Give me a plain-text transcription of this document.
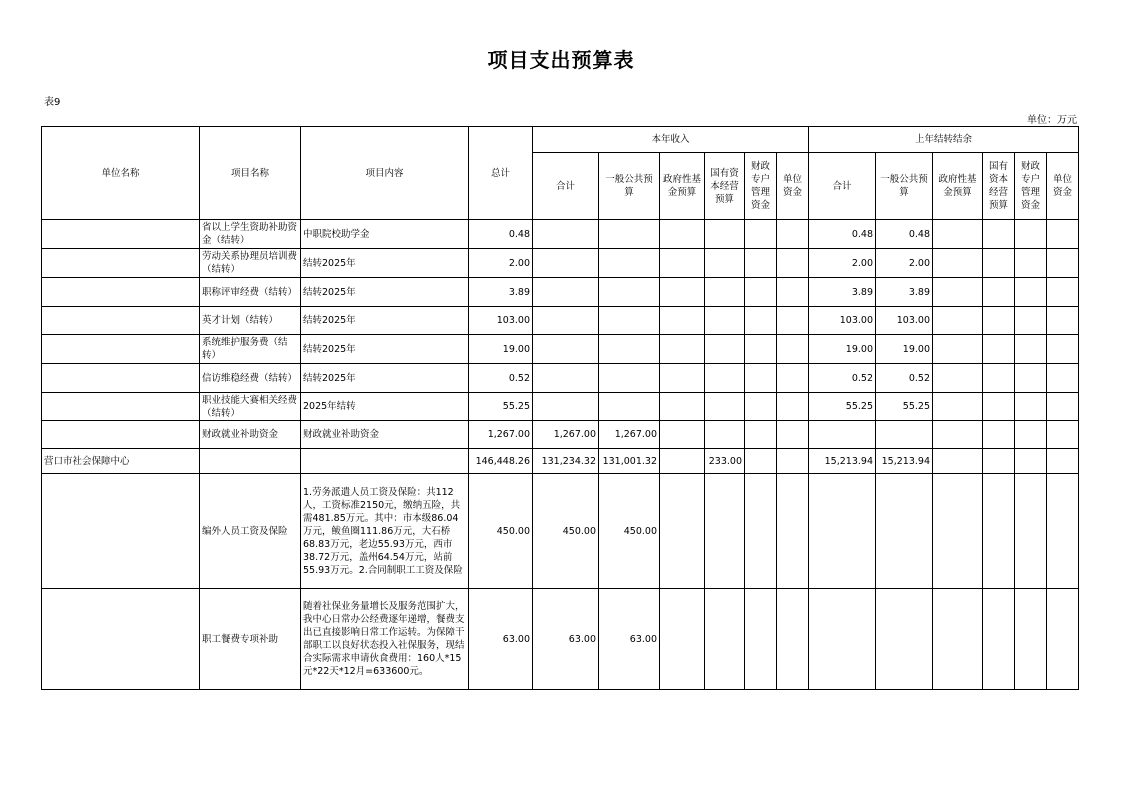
项目支出预算表
表9
单位：万元
单位名称	项目名称	项目内容	总计	本年收入						上年结转结余					
				合计	一般公共预算	政府性基金预算	国有资本经营预算	财政专户管理资金	单位资金	合计	一般公共预算	政府性基金预算	国有资本经营预算	财政专户管理资金	单位资金
	省以上学生资助补助资金（结转）	中职院校助学金	0.48							0.48	0.48				
	劳动关系协理员培训费（结转）	结转2025年	2.00							2.00	2.00				
	职称评审经费（结转）	结转2025年	3.89							3.89	3.89				
	英才计划（结转）	结转2025年	103.00							103.00	103.00				
	系统维护服务费（结转）	结转2025年	19.00							19.00	19.00				
	信访维稳经费（结转）	结转2025年	0.52							0.52	0.52				
	职业技能大赛相关经费（结转）	2025年结转	55.25							55.25	55.25				
	财政就业补助资金	财政就业补助资金	1,267.00	1,267.00	1,267.00										
营口市社会保障中心			146,448.26	131,234.32	131,001.32		233.00			15,213.94	15,213.94				
	编外人员工资及保险	1.劳务派遣人员工资及保险：共112人，工资标准2150元，缴纳五险，共需481.85万元。其中：市本级86.04万元，鲅鱼圈111.86万元，大石桥68.83万元，老边55.93万元，西市38.72万元，盖州64.54万元，站前55.93万元。2.合同制职工工资及保险	450.00	450.00	450.00										
	职工餐费专项补助	随着社保业务量增长及服务范围扩大，我中心日常办公经费逐年递增，餐费支出已直接影响日常工作运转。为保障干部职工以良好状态投入社保服务，现结合实际需求申请伙食费用：160人*15元*22天*12月=633600元。	63.00	63.00	63.00										
